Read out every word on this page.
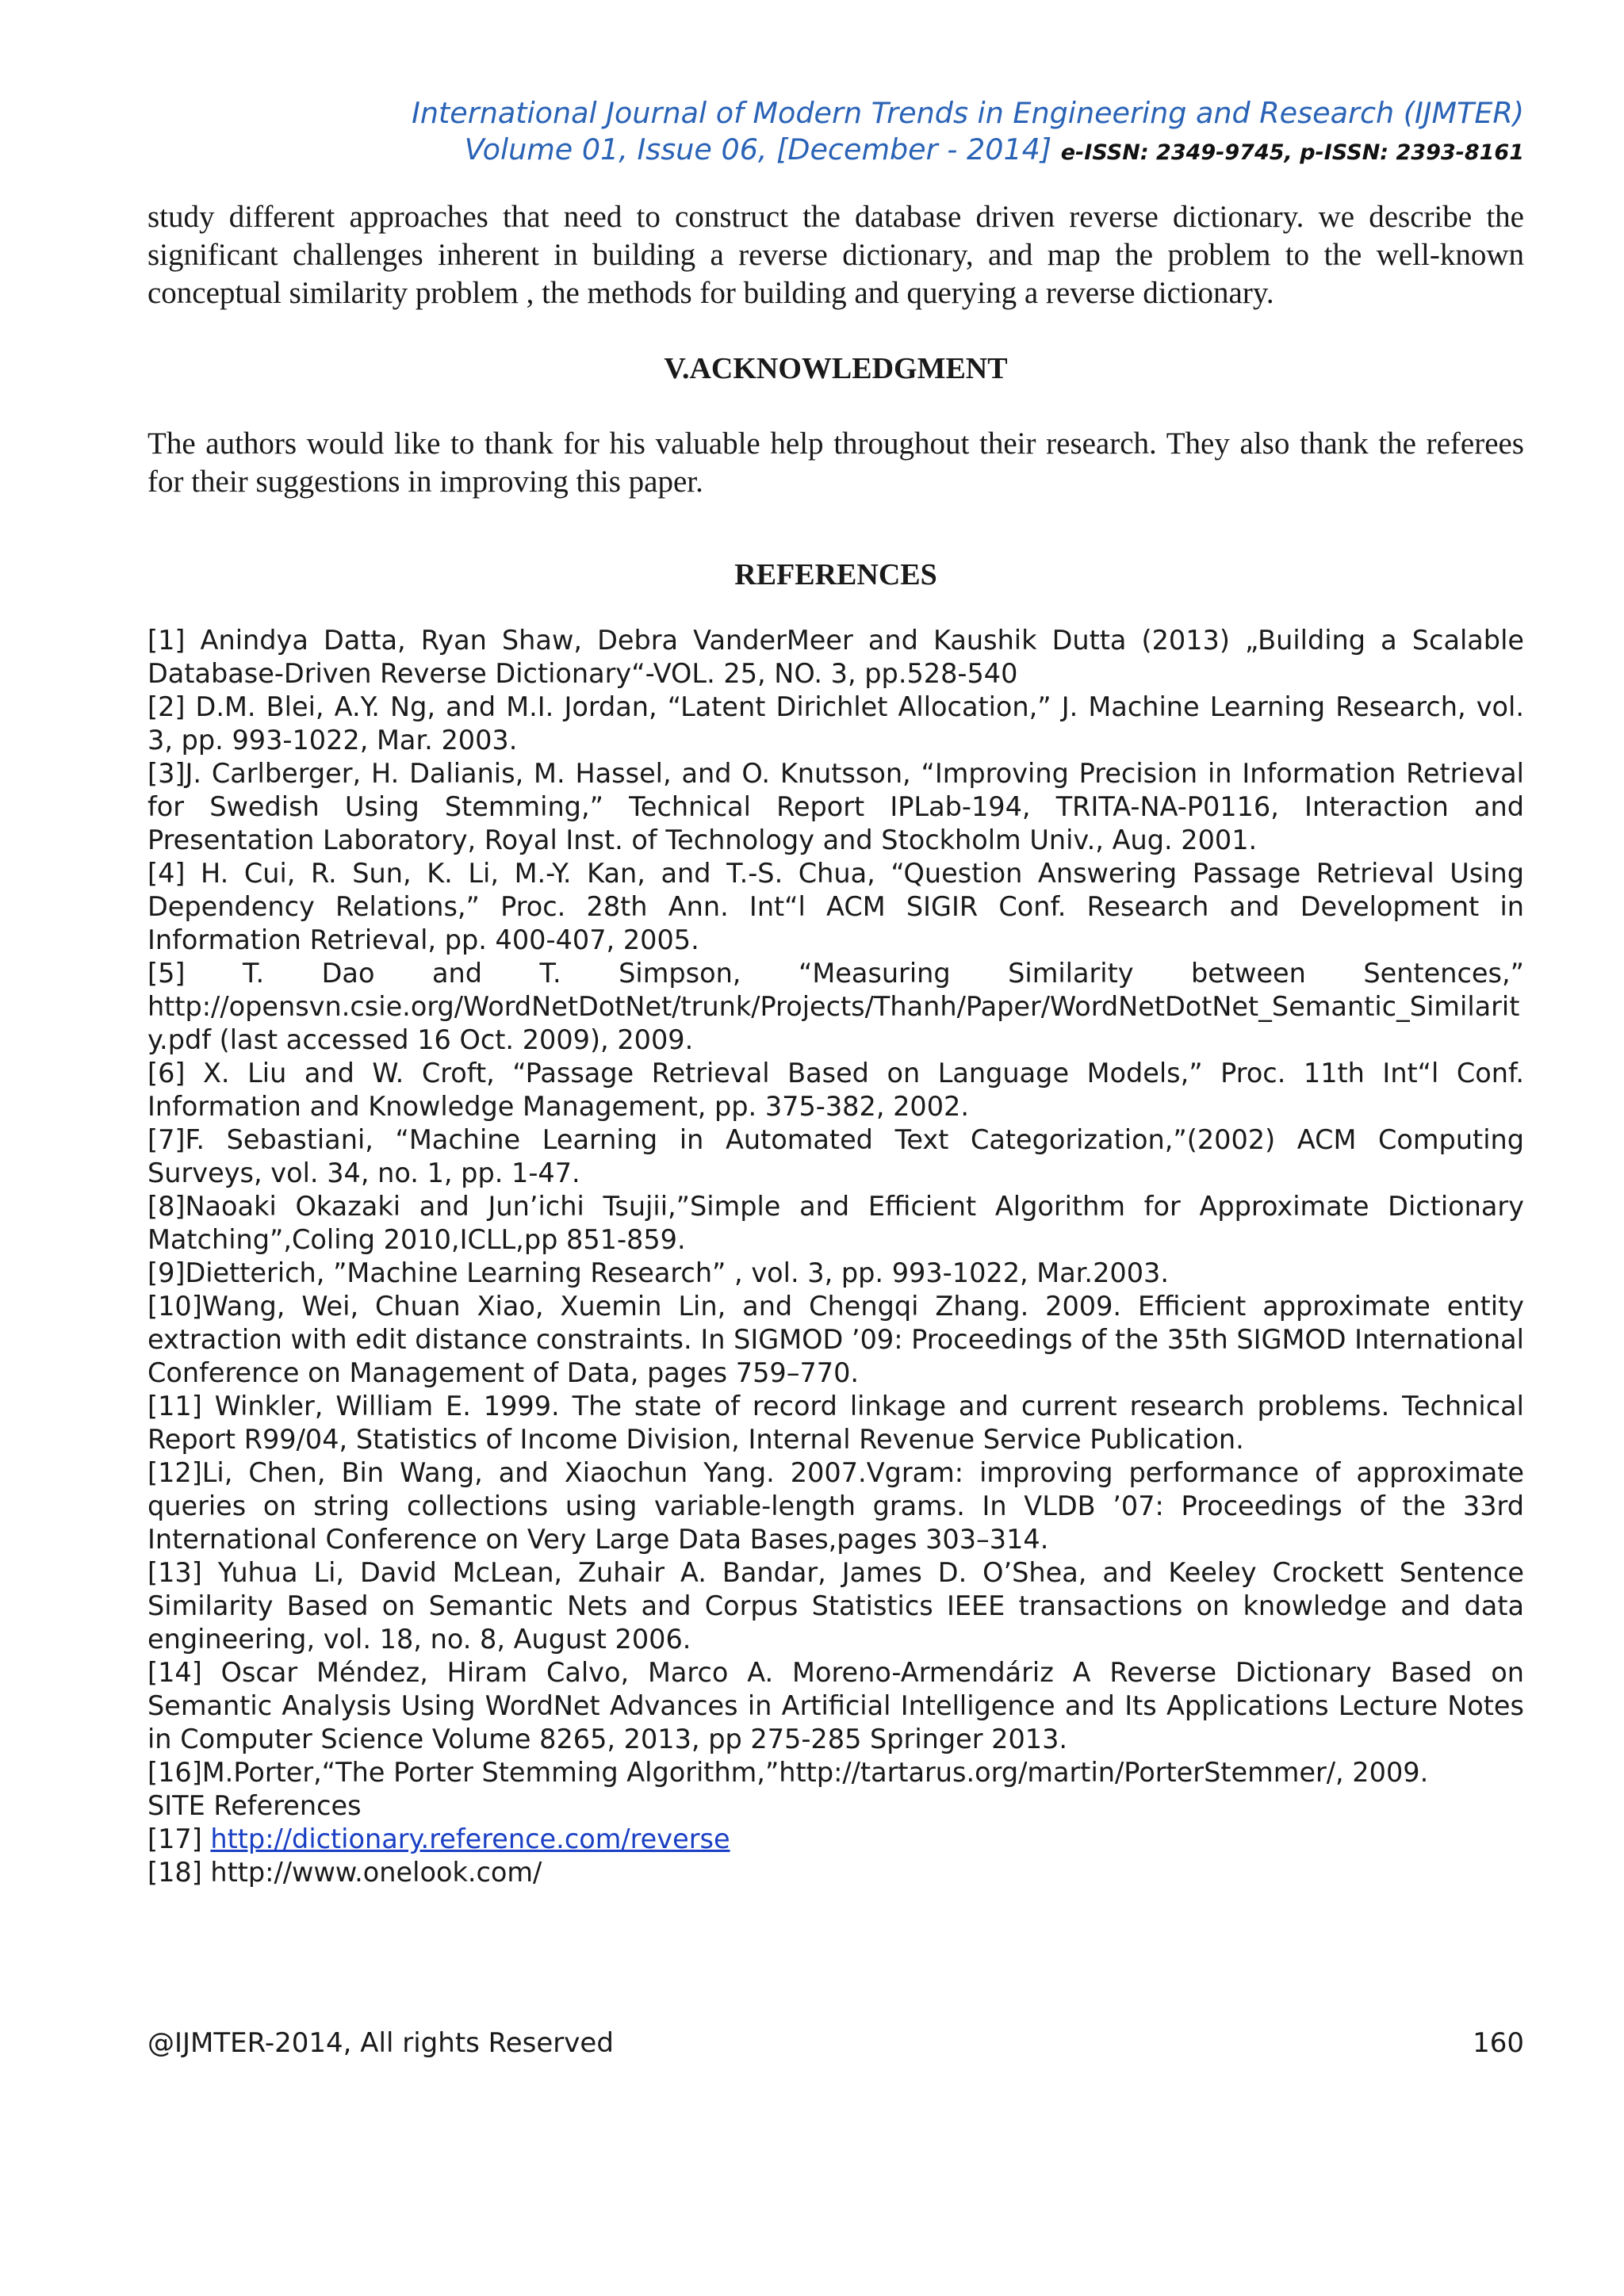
International Journal of Modern Trends in Engineering and Research (IJMTER)
Volume 01, Issue 06, [December - 2014] e-ISSN: 2349-9745, p-ISSN: 2393-8161

study different approaches that need to construct the database driven reverse dictionary. we describe the significant challenges inherent in building a reverse dictionary, and map the problem to the well-known conceptual similarity problem , the methods for building and querying a reverse dictionary.

V.ACKNOWLEDGMENT

The authors would like to thank for his valuable help throughout their research. They also thank the referees for their suggestions in improving this paper.

REFERENCES
[1] Anindya Datta, Ryan Shaw, Debra VanderMeer and Kaushik Dutta (2013) „Building a Scalable Database-Driven Reverse Dictionary“-VOL. 25, NO. 3, pp.528-540
[2] D.M. Blei, A.Y. Ng, and M.I. Jordan, “Latent Dirichlet Allocation,” J. Machine Learning Research, vol. 3, pp. 993-1022, Mar. 2003.
[3]J. Carlberger, H. Dalianis, M. Hassel, and O. Knutsson, “Improving Precision in Information Retrieval for Swedish Using Stemming,” Technical Report IPLab-194, TRITA-NA-P0116, Interaction and Presentation Laboratory, Royal Inst. of Technology and Stockholm Univ., Aug. 2001.
[4] H. Cui, R. Sun, K. Li, M.-Y. Kan, and T.-S. Chua, “Question Answering Passage Retrieval Using Dependency Relations,” Proc. 28th Ann. Int“l ACM SIGIR Conf. Research and Development in Information Retrieval, pp. 400-407, 2005.
[5] T. Dao and T. Simpson, “Measuring Similarity between Sentences,” http://opensvn.csie.org/WordNetDotNet/trunk/Projects/Thanh/Paper/WordNetDotNet_Semantic_Similarity.pdf (last accessed 16 Oct. 2009), 2009.
[6] X. Liu and W. Croft, “Passage Retrieval Based on Language Models,” Proc. 11th Int“l Conf. Information and Knowledge Management, pp. 375-382, 2002.
[7]F. Sebastiani, “Machine Learning in Automated Text Categorization,”(2002) ACM Computing Surveys, vol. 34, no. 1, pp. 1-47.
[8]Naoaki Okazaki and Jun’ichi Tsujii,”Simple and Efficient Algorithm for Approximate Dictionary Matching”,Coling 2010,ICLL,pp 851-859.
[9]Dietterich, ”Machine Learning Research” , vol. 3, pp. 993-1022, Mar.2003.
[10]Wang, Wei, Chuan Xiao, Xuemin Lin, and Chengqi Zhang. 2009. Efficient approximate entity extraction with edit distance constraints. In SIGMOD ’09: Proceedings of the 35th SIGMOD International Conference on Management of Data, pages 759–770.
[11] Winkler, William E. 1999. The state of record linkage and current research problems. Technical Report R99/04, Statistics of Income Division, Internal Revenue Service Publication.
[12]Li, Chen, Bin Wang, and Xiaochun Yang. 2007.Vgram: improving performance of approximate queries on string collections using variable-length grams. In VLDB ’07: Proceedings of the 33rd International Conference on Very Large Data Bases,pages 303–314.
[13] Yuhua Li, David McLean, Zuhair A. Bandar, James D. O’Shea, and Keeley Crockett Sentence Similarity Based on Semantic Nets and Corpus Statistics IEEE transactions on knowledge and data engineering, vol. 18, no. 8, August 2006.
[14] Oscar Méndez, Hiram Calvo, Marco A. Moreno-Armendáriz A Reverse Dictionary Based on Semantic Analysis Using WordNet Advances in Artificial Intelligence and Its Applications Lecture Notes in Computer Science Volume 8265, 2013, pp 275-285 Springer 2013.
[16]M.Porter,“The Porter Stemming Algorithm,”http://tartarus.org/martin/PorterStemmer/, 2009.
SITE References
[17] http://dictionary.reference.com/reverse
[18] http://www.onelook.com/
@IJMTER-2014, All rights Reserved	160
